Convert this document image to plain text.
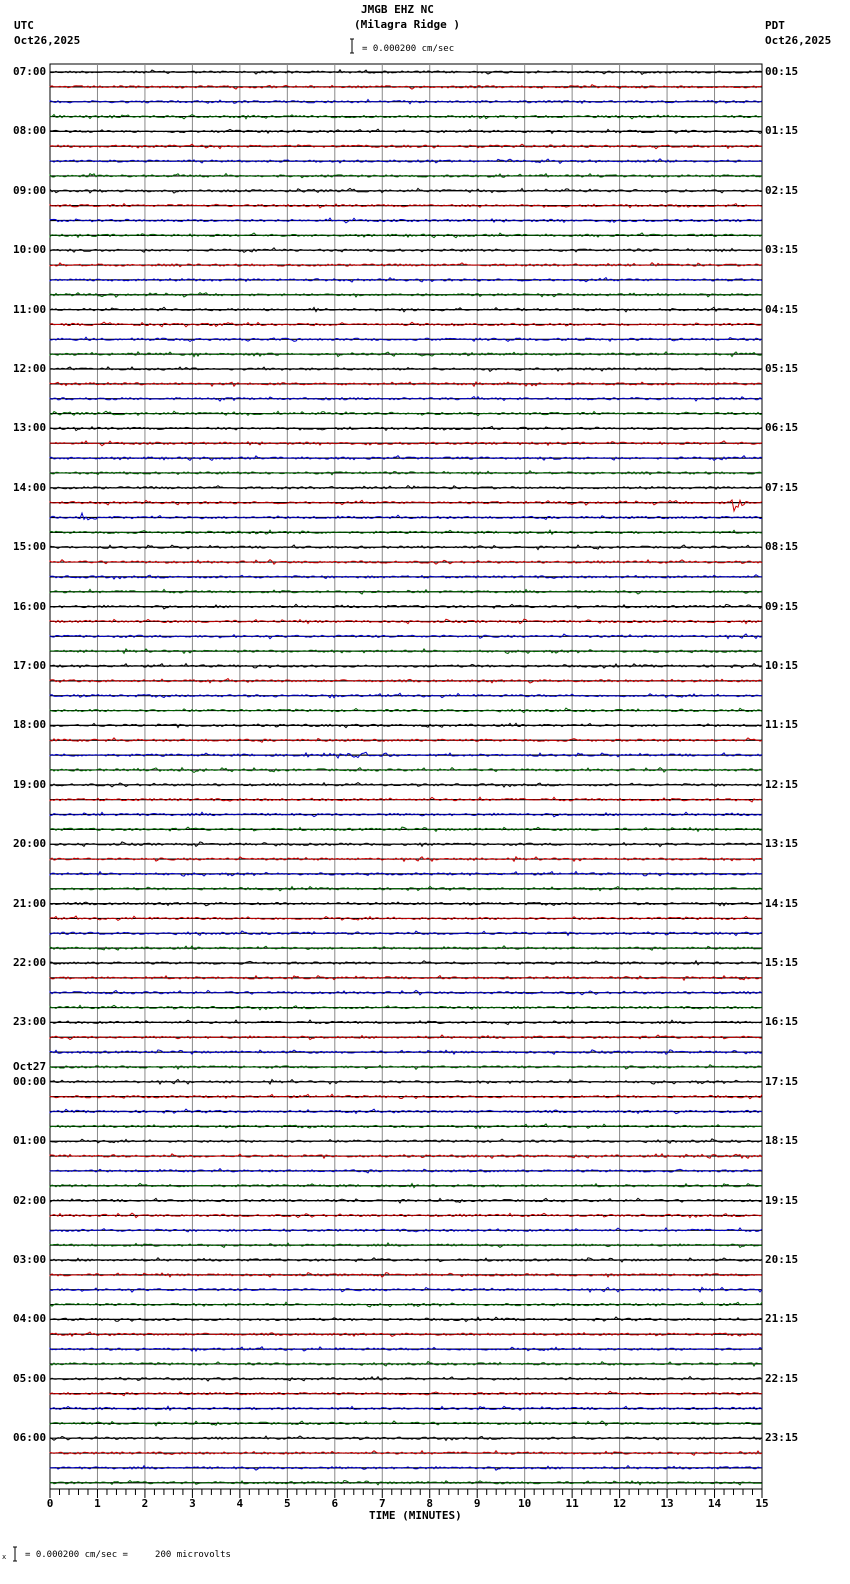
JMGB EHZ NC
(Milagra Ridge )
UTC
Oct26,2025
PDT
Oct26,2025
= 0.000200 cm/sec
= 0.000200 cm/sec =     200 microvolts
x
TIME (MINUTES)
07:00
08:00
09:00
10:00
11:00
12:00
13:00
14:00
15:00
16:00
17:00
18:00
19:00
20:00
21:00
22:00
23:00
00:00
Oct27
01:00
02:00
03:00
04:00
05:00
06:00
00:15
01:15
02:15
03:15
04:15
05:15
06:15
07:15
08:15
09:15
10:15
11:15
12:15
13:15
14:15
15:15
16:15
17:15
18:15
19:15
20:15
21:15
22:15
23:15
0	1	2	3	4	5	6	7	8	9	10	11	12	13	14	15
